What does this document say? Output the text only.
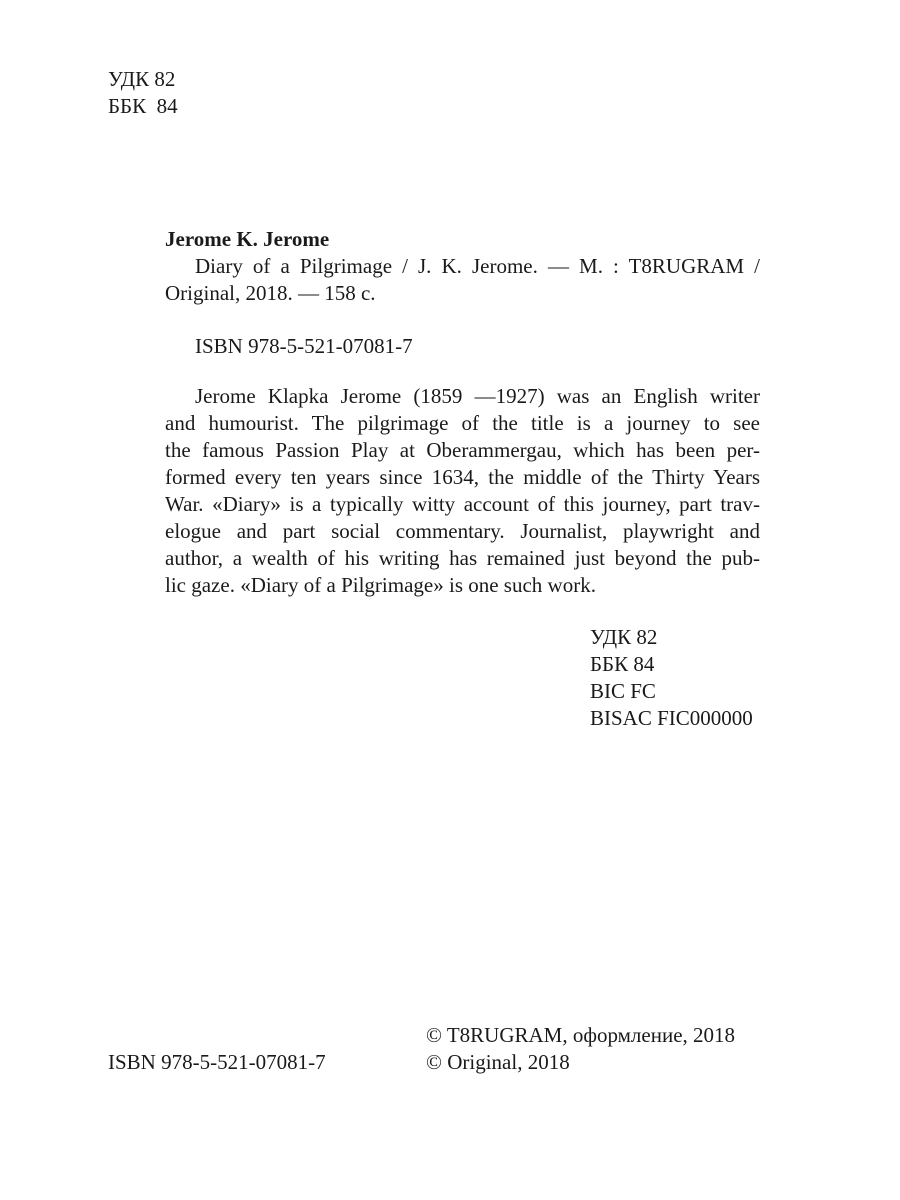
УДК 82
ББК  84
Jerome K. Jerome
Diary of a Pilgrimage / J. K. Jerome. — M. : T8RUGRAM /
Original, 2018. — 158 с.
ISBN 978-5-521-07081-7
Jerome Klapka Jerome (1859 —1927) was an English writer
and humourist. The pilgrimage of the title is a journey to see
the famous Passion Play at Oberammergau, which has been per-
formed every ten years since 1634, the middle of the Thirty Years
War. «Diary» is a typically witty account of this journey, part trav-
elogue and part social commentary. Journalist, playwright and
author, a wealth of his writing has remained just beyond the pub-
lic gaze. «Diary of a Pilgrimage» is one such work.
УДК 82
ББК 84
BIC FC
BISAC FIC000000
ISBN 978-5-521-07081-7
© T8RUGRAM, оформление, 2018
© Original, 2018
